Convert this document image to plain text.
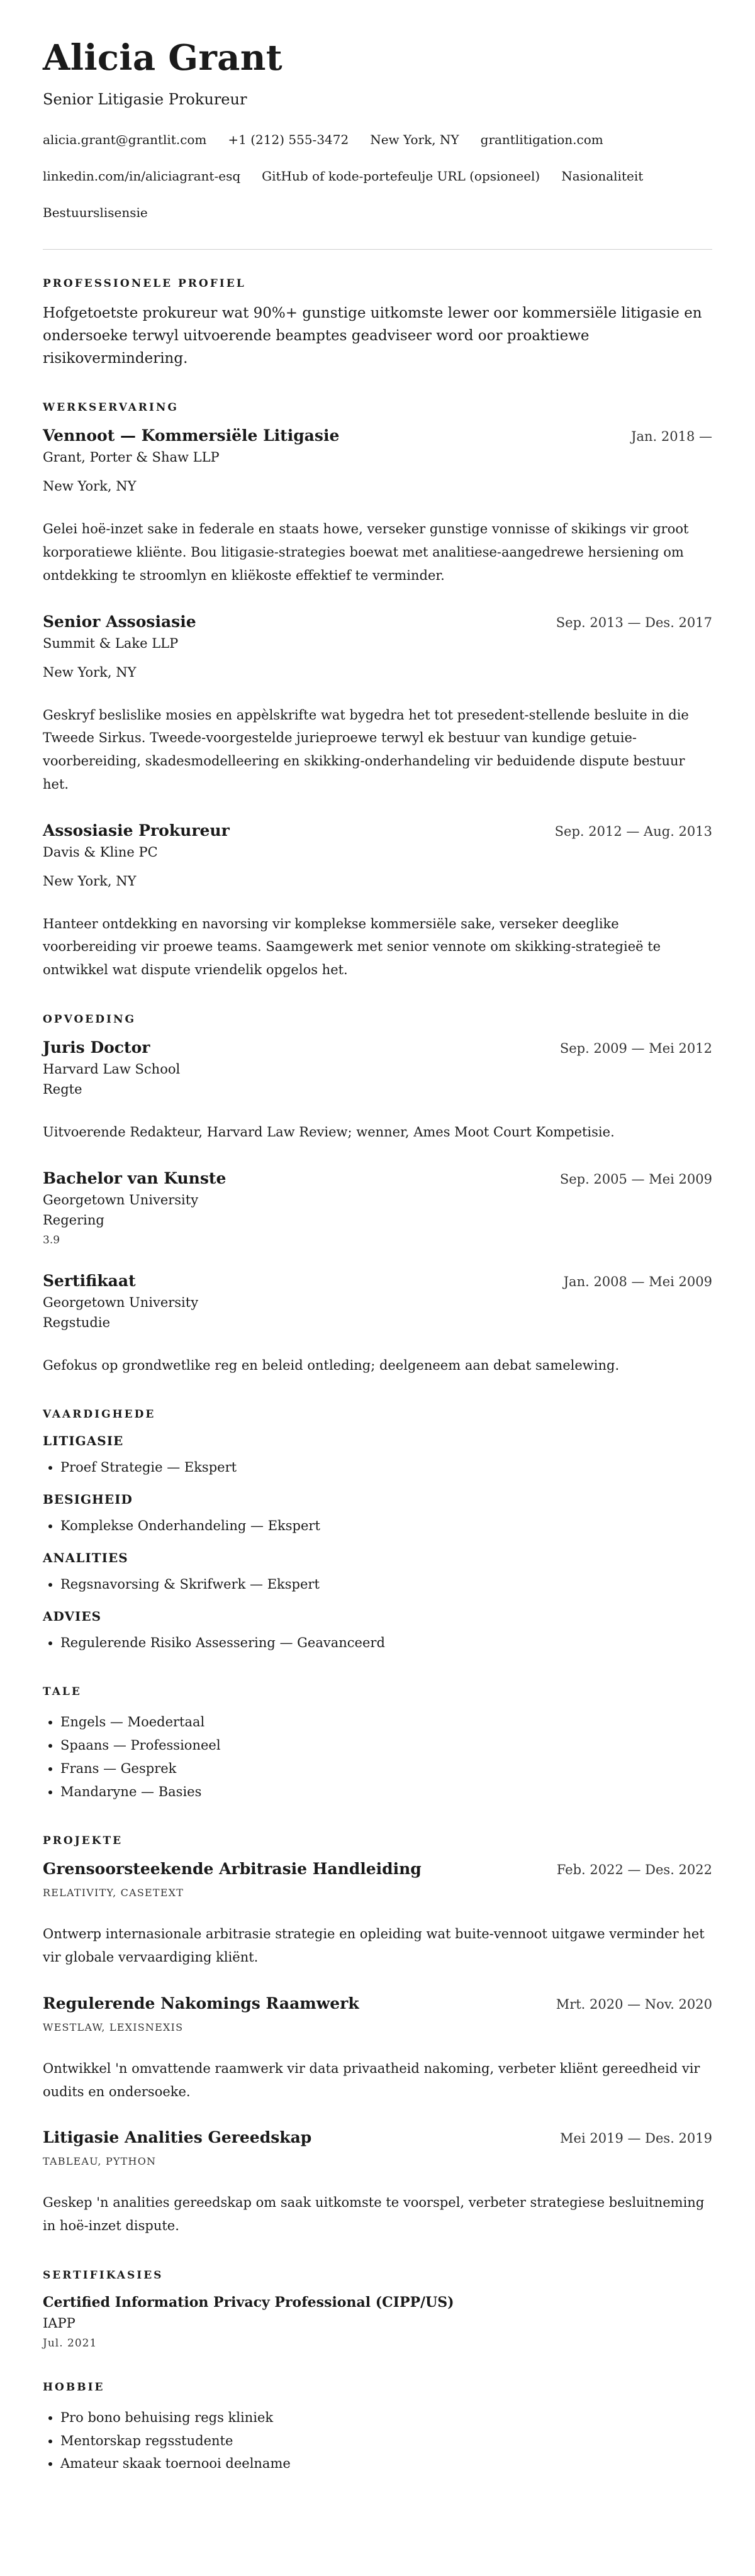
Alicia Grant
Senior Litigasie Prokureur
alicia.grant@grantlit.com +1 (212) 555-3472 New York, NY grantlitigation.com
linkedin.com/in/aliciagrant-esq GitHub of kode-portefeulje URL (opsioneel) Nasionaliteit
Bestuurslisensie
PROFESSIONELE PROFIEL

Hofgetoetste prokureur wat 90%+ gunstige uitkomste lewer oor kommersiële litigasie en ondersoeke terwyl uitvoerende beamptes geadviseer word oor proaktiewe risikovermindering.

WERKSERVARING
Vennoot — Kommersiële Litigasie	Jan. 2018 —
Grant, Porter & Shaw LLP
New York, NY

Gelei hoë-inzet sake in federale en staats howe, verseker gunstige vonnisse of skikings vir groot korporatiewe kliënte. Bou litigasie-strategies boewat met analitiese-aangedrewe hersiening om ontdekking te stroomlyn en kliëkoste effektief te verminder.

Senior Assosiasie	Sep. 2013 — Des. 2017
Summit & Lake LLP
New York, NY

Geskryf beslislike mosies en appèlskrifte wat bygedra het tot presedent-stellende besluite in die Tweede Sirkus. Tweede-voorgestelde jurieproewe terwyl ek bestuur van kundige getuie-voorbereiding, skadesmodelleering en skikking-onderhandeling vir beduidende dispute bestuur het.

Assosiasie Prokureur	Sep. 2012 — Aug. 2013
Davis & Kline PC
New York, NY

Hanteer ontdekking en navorsing vir komplekse kommersiële sake, verseker deeglike voorbereiding vir proewe teams. Saamgewerk met senior vennote om skikking-strategieë te ontwikkel wat dispute vriendelik opgelos het.

OPVOEDING
Juris Doctor	Sep. 2009 — Mei 2012
Harvard Law School
Regte

Uitvoerende Redakteur, Harvard Law Review; wenner, Ames Moot Court Kompetisie.

Bachelor van Kunste	Sep. 2005 — Mei 2009
Georgetown University
Regering
3.9
Sertifikaat	Jan. 2008 — Mei 2009
Georgetown University
Regstudie

Gefokus op grondwetlike reg en beleid ontleding; deelgeneem aan debat samelewing.

VAARDIGHEDE
LITIGASIE
• Proef Strategie — Ekspert
BESIGHEID
• Komplekse Onderhandeling — Ekspert
ANALITIES
• Regsnavorsing & Skrifwerk — Ekspert
ADVIES
• Regulerende Risiko Assessering — Geavanceerd
TALE
• Engels — Moedertaal
• Spaans — Professioneel
• Frans — Gesprek
• Mandaryne — Basies
PROJEKTE
Grensoorsteekende Arbitrasie Handleiding	Feb. 2022 — Des. 2022
RELATIVITY, CASETEXT

Ontwerp internasionale arbitrasie strategie en opleiding wat buite-vennoot uitgawe verminder het vir globale vervaardiging kliënt.

Regulerende Nakomings Raamwerk	Mrt. 2020 — Nov. 2020
WESTLAW, LEXISNEXIS

Ontwikkel 'n omvattende raamwerk vir data privaatheid nakoming, verbeter kliënt gereedheid vir oudits en ondersoeke.

Litigasie Analities Gereedskap	Mei 2019 — Des. 2019
TABLEAU, PYTHON

Geskep 'n analities gereedskap om saak uitkomste te voorspel, verbeter strategiese besluitneming in hoë-inzet dispute.

SERTIFIKASIES
Certified Information Privacy Professional (CIPP/US)
IAPP
Jul. 2021
HOBBIE
• Pro bono behuising regs kliniek
• Mentorskap regsstudente
• Amateur skaak toernooi deelname
